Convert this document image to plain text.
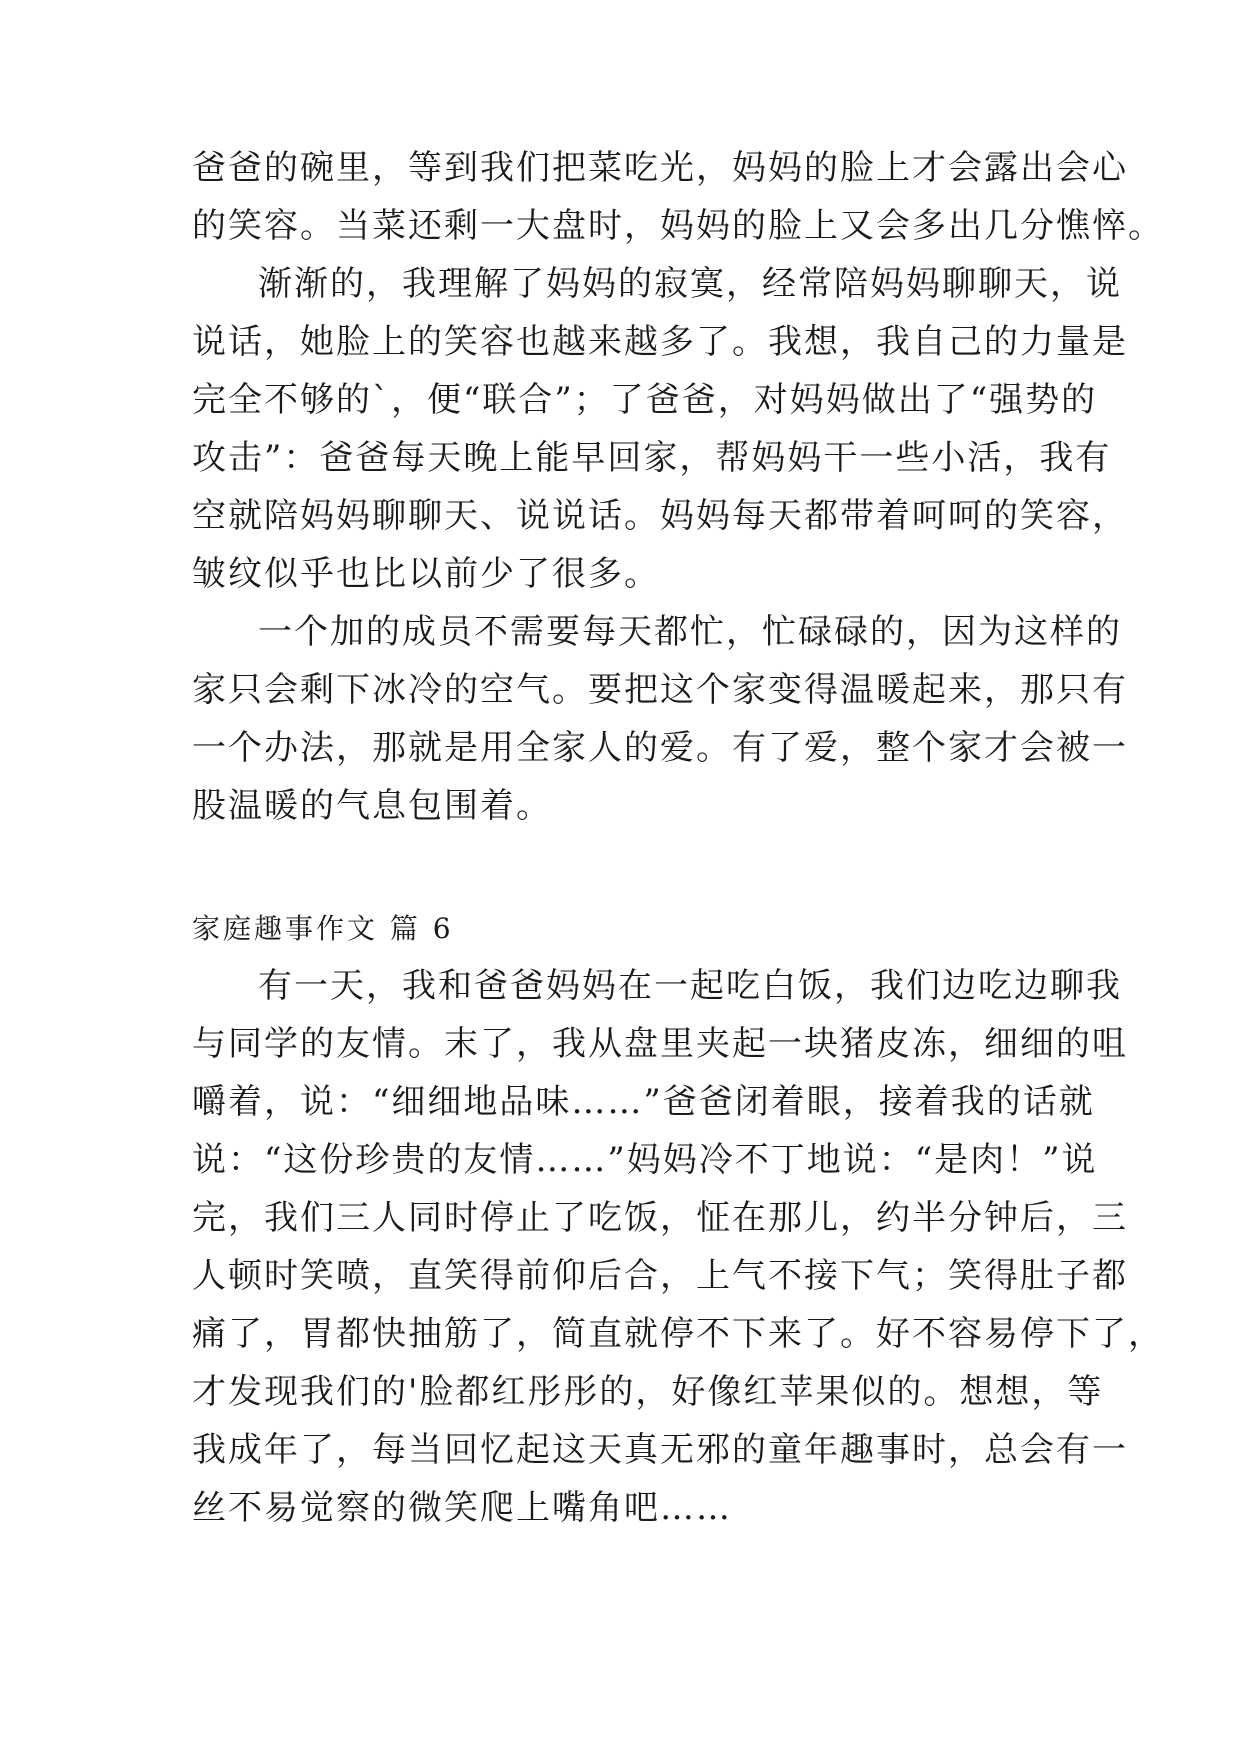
爸爸的碗里，等到我们把菜吃光，妈妈的脸上才会露出会心
的笑容。当菜还剩一大盘时，妈妈的脸上又会多出几分憔悴。
渐渐的，我理解了妈妈的寂寞，经常陪妈妈聊聊天，说
说话，她脸上的笑容也越来越多了。我想，我自己的力量是
完全不够的`，便“联合”；了爸爸，对妈妈做出了“强势的
攻击”：爸爸每天晚上能早回家，帮妈妈干一些小活，我有
空就陪妈妈聊聊天、说说话。妈妈每天都带着呵呵的笑容，
皱纹似乎也比以前少了很多。
一个加的成员不需要每天都忙，忙碌碌的，因为这样的
家只会剩下冰冷的空气。要把这个家变得温暖起来，那只有
一个办法，那就是用全家人的爱。有了爱，整个家才会被一
股温暖的气息包围着。
家庭趣事作文 篇 6
有一天，我和爸爸妈妈在一起吃白饭，我们边吃边聊我
与同学的友情。末了，我从盘里夹起一块猪皮冻，细细的咀
嚼着，说：“细细地品味……”爸爸闭着眼，接着我的话就
说：“这份珍贵的友情……”妈妈冷不丁地说：“是肉！”说
完，我们三人同时停止了吃饭，怔在那儿，约半分钟后，三
人顿时笑喷，直笑得前仰后合，上气不接下气；笑得肚子都
痛了，胃都快抽筋了，简直就停不下来了。好不容易停下了，
才发现我们的'脸都红彤彤的，好像红苹果似的。想想，等
我成年了，每当回忆起这天真无邪的童年趣事时，总会有一
丝不易觉察的微笑爬上嘴角吧……
